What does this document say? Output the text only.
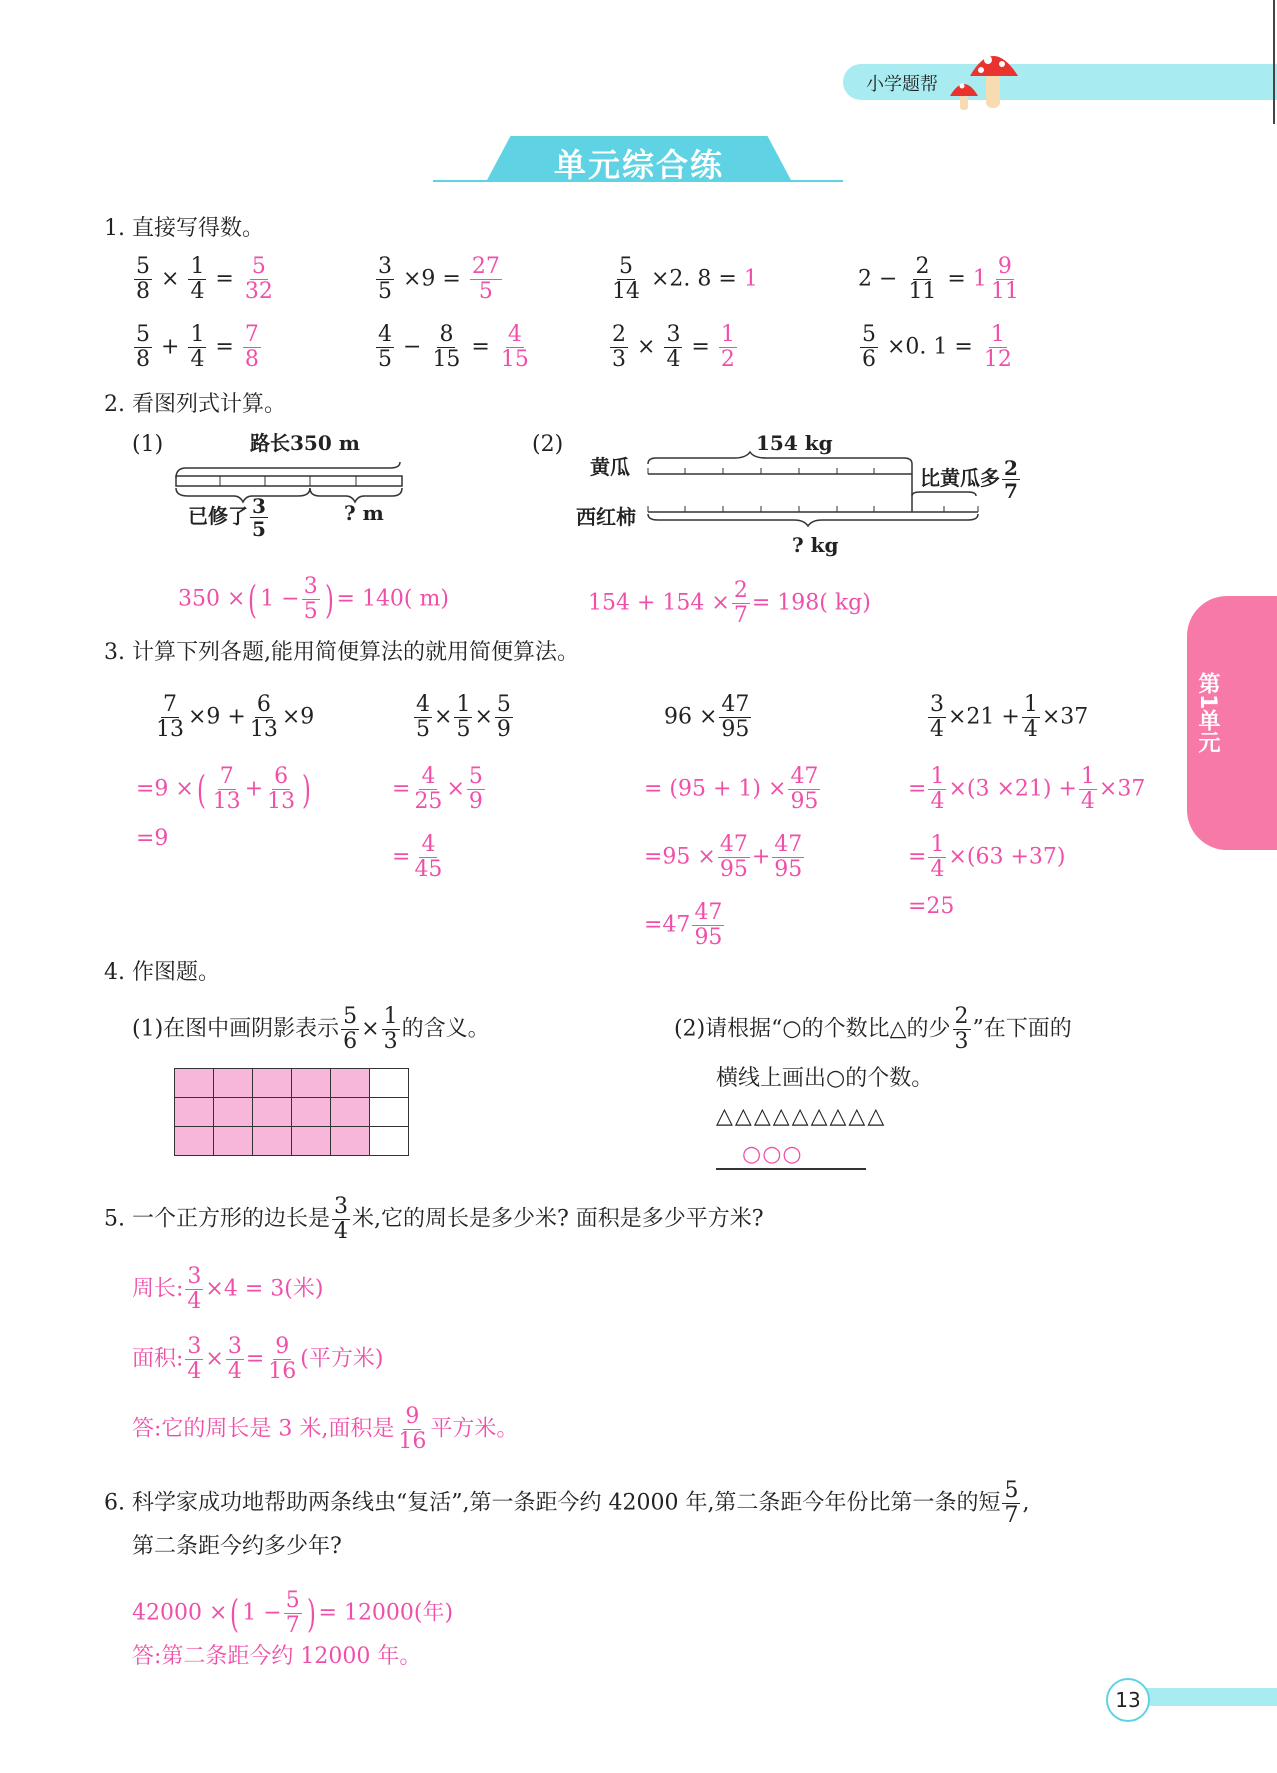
小学题帮
单元综合练
第1单元
1. 直接写得数。
$\frac{5}{8} \times \frac{1}{4} = \frac{5}{32}$	$\frac{3}{5} \times 9 = \frac{27}{5}$	$\frac{5}{14} \times 2$. 8 = 1	$2 - \frac{2}{11} = 1 \frac{9}{11}$
$\frac{5}{8} + \frac{1}{4} = \frac{7}{8}$	$\frac{4}{5} - \frac{8}{15} = \frac{4}{15}$	$\frac{2}{3} \times \frac{3}{4} = \frac{1}{2}$	$\frac{5}{6} \times 0$. $1 = \frac{1}{12}$
2. 看图列式计算。
(1)	路长350 m
已修了 $\frac{3}{5}$	? m
350 ×( $1 - \frac{3}{5}$ ) = 140( m)
(2)	154 kg
黄瓜
西红柿
比黄瓜多 $\frac{2}{7}$
? kg
$154 + 154 \times \frac{2}{7} = 198$( kg)
3. 计算下列各题,能用简便算法的就用简便算法。
$\frac{7}{13} \times 9 + \frac{6}{13} \times 9$
=9 ×( $\frac{7}{13} + \frac{6}{13}$ )
=9
$\frac{4}{5} \times \frac{1}{5} \times \frac{5}{9}$
= $\frac{4}{25} \times \frac{5}{9}$
= $\frac{4}{45}$
$96 \times \frac{47}{95}$
= $(95 + 1) \times \frac{47}{95}$
$=95 \times \frac{47}{95} + \frac{47}{95}$
$=47 \frac{47}{95}$
$\frac{3}{4} \times 21 + \frac{1}{4} \times 37$
= $\frac{1}{4} \times(3 \times 21) + \frac{1}{4} \times 37$
= $\frac{1}{4} \times(63 +37)$
=25
4. 作图题。
(1)在图中画阴影表示 $\frac{5}{6} \times \frac{1}{3}$ 的含义。

						(2)请根据“○的个数比△的少 $\frac{2}{3}$ ”在下面的
横线上画出○的个数。
△△△△△△△△△
○○○
5. 一个正方形的边长是 $\frac{3}{4}$ 米,它的周长是多少米? 面积是多少平方米?
周长: $\frac{3}{4} \times 4 = 3$(米)
面积: $\frac{3}{4} \times \frac{3}{4} = \frac{9}{16}$ (平方米)
答:它的周长是 3 米,面积是 $\frac{9}{16}$ 平方米。
6. 科学家成功地帮助两条线虫“复活”,第一条距今约 42000 年,第二条距今年份比第一条的短 $\frac{5}{7}$ ,
第二条距今约多少年?
42000 ×( $1 - \frac{5}{7}$ ) = 12000(年)
答:第二条距今约 12000 年。
13
